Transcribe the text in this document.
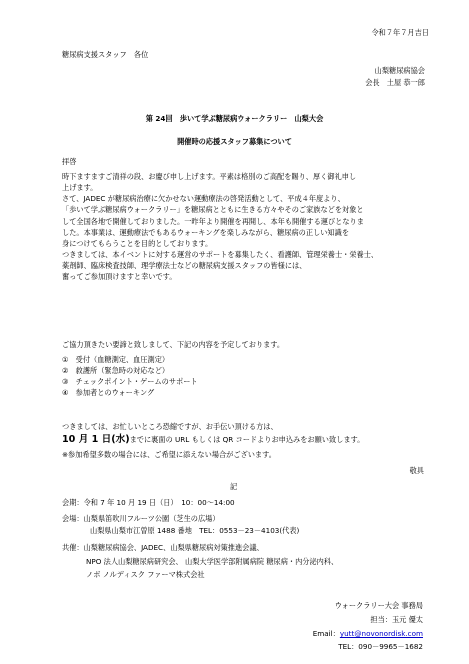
令和７年７月吉日
糖尿病支援スタッフ　各位
山梨糖尿病協会
会長　土屋 恭一郎
第 24回　歩いて学ぶ糖尿病ウォークラリー　山梨大会
開催時の応援スタッフ募集について
拝啓
時下ますますご清祥の段、お慶び申し上げます。平素は格別のご高配を賜り、厚く御礼申し
上げます。
さて、JADEC が糖尿病治療に欠かせない運動療法の啓発活動として、平成４年度より、
「歩いて学ぶ糖尿病ウォークラリー」を糖尿病とともに生きる方々やそのご家族などを対象と
して全国各地で開催しておりました。一昨年より開催を再開し、本年も開催する運びとなりま
した。本事業は、運動療法でもあるウォーキングを楽しみながら、糖尿病の正しい知識を
身につけてもらうことを目的としております。
つきましては、本イベントに対する運営のサポートを募集したく、看護師、管理栄養士・栄養士、
薬剤師、臨床検査技師、理学療法士などの糖尿病支援スタッフの皆様には、
奮ってご参加頂けますと幸いです。
ご協力頂きたい要諦と致しまして、下記の内容を予定しております。
①　受付（血糖測定、血圧測定）
②　救護所（緊急時の対応など）
③　チェックポイント・ゲームのサポート
④　参加者とのウォーキング
つきましては、お忙しいところ恐縮ですが、お手伝い頂ける方は、
10 月 1 日(水)までに裏面の URL もしくは QR コードよりお申込みをお願い致します。
※参加希望多数の場合には、ご希望に添えない場合がございます。
敬具
記
会期：令和 7 年 10 月 19 日（日）　10：00～14:00
会場：山梨県笛吹川フルーツ公園（芝生の広場）
山梨県山梨市江曽原 1488 番地　TEL：0553－23－4103(代表)
共催：山梨糖尿病協会、JADEC、山梨県糖尿病対策推進会議、
NPO 法人山梨糖尿病研究会、 山梨大学医学部附属病院 糖尿病・内分泌内科、
ノボ ノルディスク ファーマ株式会社
ウォークラリー大会 事務局
担当：玉元 優太
Email：yutt@novonordisk.com
TEL：090－9965－1682
